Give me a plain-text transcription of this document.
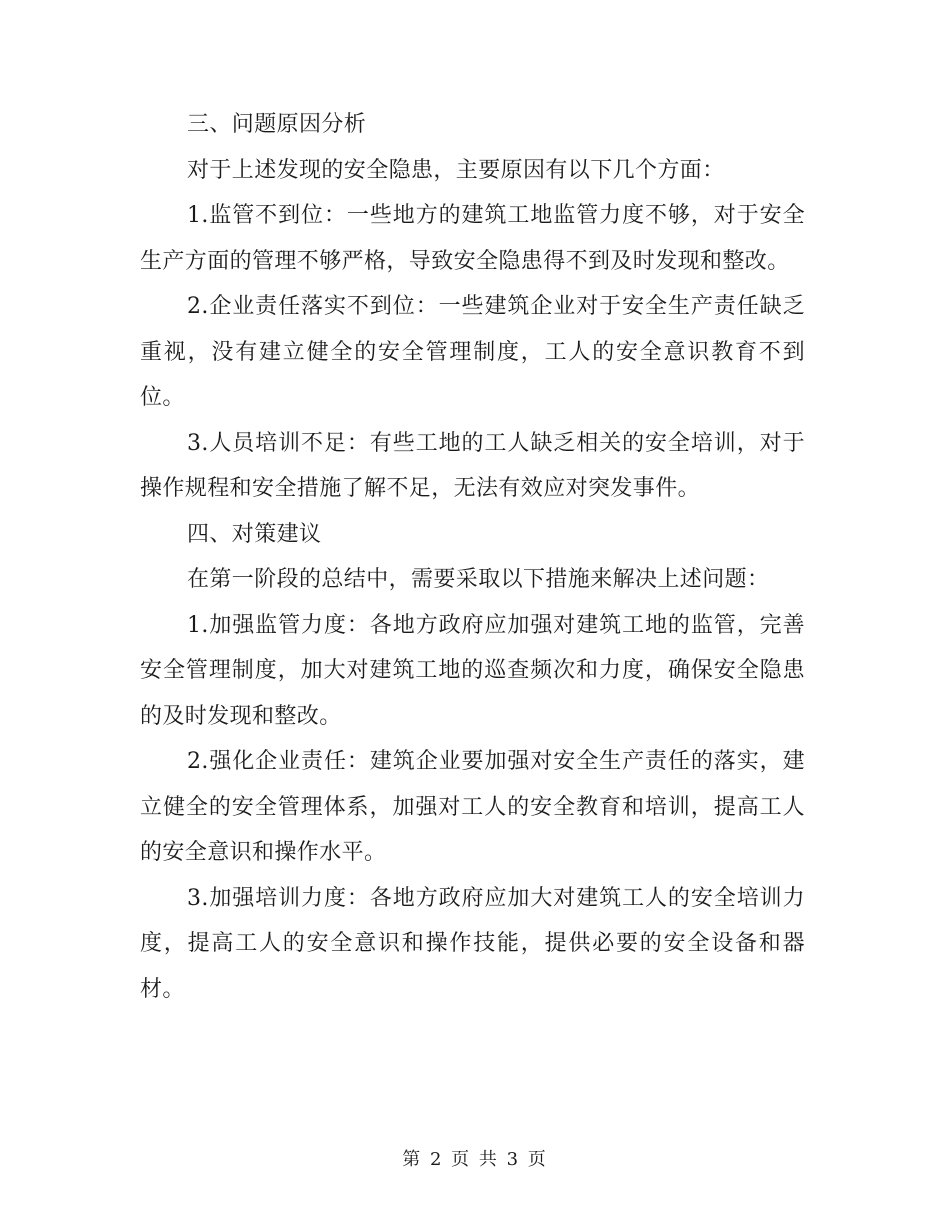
三、问题原因分析

对于上述发现的安全隐患，主要原因有以下几个方面：

1.监管不到位：一些地方的建筑工地监管力度不够，对于安全生产方面的管理不够严格，导致安全隐患得不到及时发现和整改。

2.企业责任落实不到位：一些建筑企业对于安全生产责任缺乏重视，没有建立健全的安全管理制度，工人的安全意识教育不到位。

3.人员培训不足：有些工地的工人缺乏相关的安全培训，对于操作规程和安全措施了解不足，无法有效应对突发事件。

四、对策建议

在第一阶段的总结中，需要采取以下措施来解决上述问题：

1.加强监管力度：各地方政府应加强对建筑工地的监管，完善安全管理制度，加大对建筑工地的巡查频次和力度，确保安全隐患的及时发现和整改。

2.强化企业责任：建筑企业要加强对安全生产责任的落实，建立健全的安全管理体系，加强对工人的安全教育和培训，提高工人的安全意识和操作水平。

3.加强培训力度：各地方政府应加大对建筑工人的安全培训力度，提高工人的安全意识和操作技能，提供必要的安全设备和器材。

第 2 页 共 3 页
